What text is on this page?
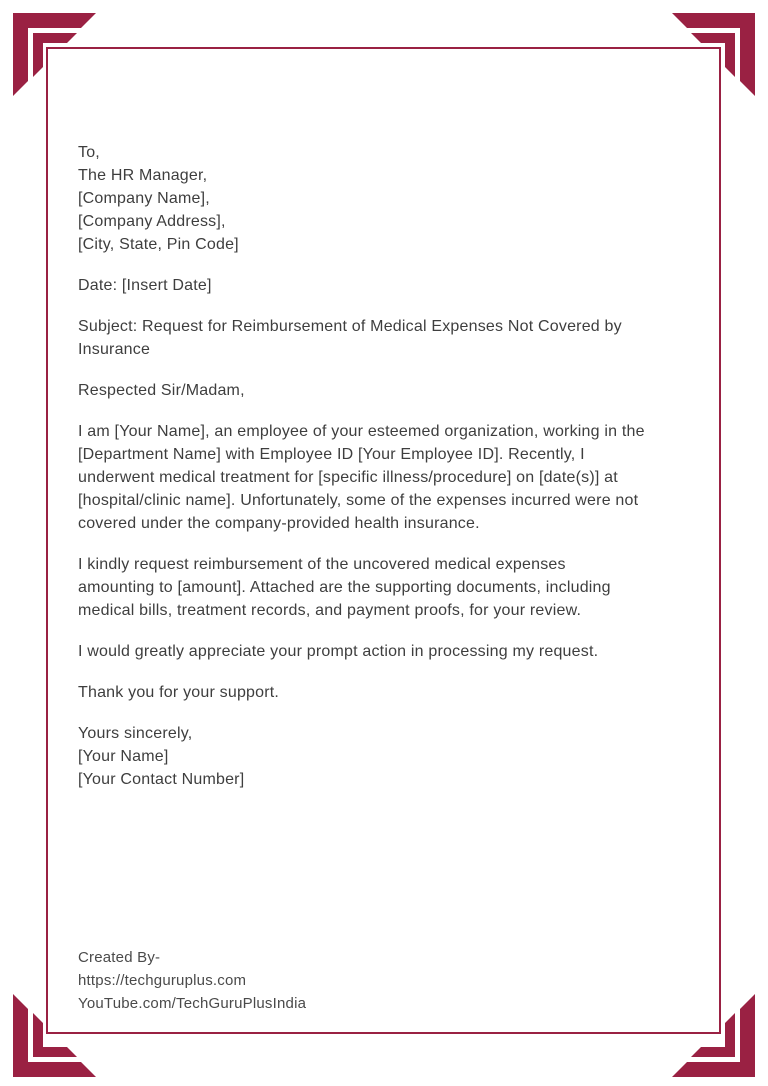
To,
The HR Manager,
[Company Name],
[Company Address],
[City, State, Pin Code]
Date: [Insert Date]
Subject: Request for Reimbursement of Medical Expenses Not Covered by
Insurance
Respected Sir/Madam,
I am [Your Name], an employee of your esteemed organization, working in the
[Department Name] with Employee ID [Your Employee ID]. Recently, I
underwent medical treatment for [specific illness/procedure] on [date(s)] at
[hospital/clinic name]. Unfortunately, some of the expenses incurred were not
covered under the company-provided health insurance.
I kindly request reimbursement of the uncovered medical expenses
amounting to [amount]. Attached are the supporting documents, including
medical bills, treatment records, and payment proofs, for your review.
I would greatly appreciate your prompt action in processing my request.
Thank you for your support.
Yours sincerely,
[Your Name]
[Your Contact Number]
Created By-
https://techguruplus.com
YouTube.com/TechGuruPlusIndia
